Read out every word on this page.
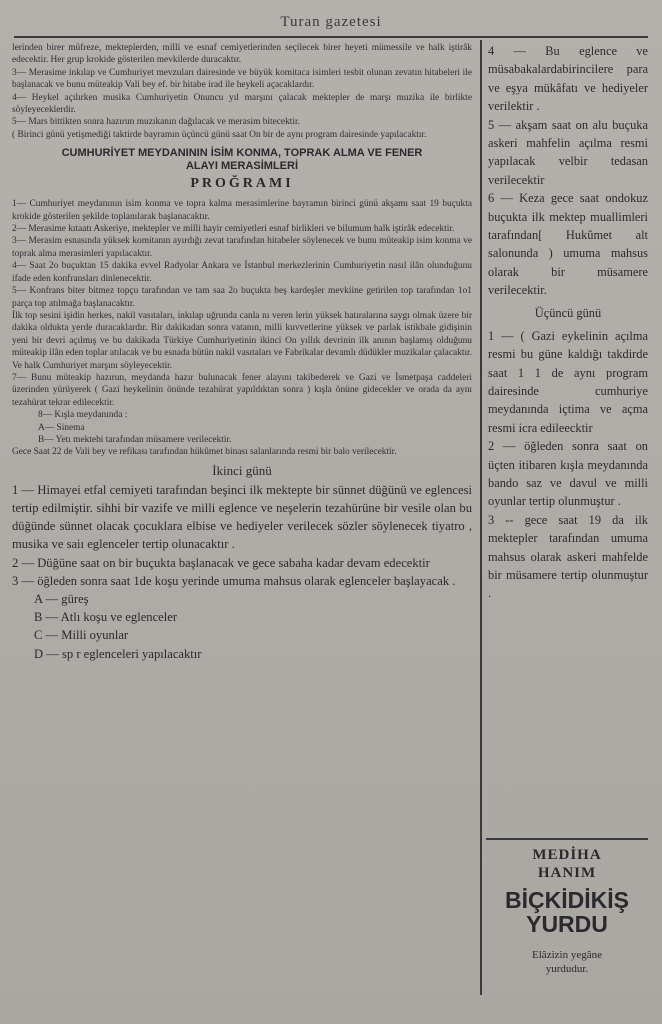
Turan gazetesi

lerinden birer müfreze, mekteplerden, milli ve esnaf cemiyetlerinden seçilecek birer heyeti mümessile ve halk iştirâk edecektir. Her grup krokide gösterilen mevkilerde duracaktır.

3— Merasime inkılap ve Cumhuriyet mevzuları dairesinde ve büyük komitaca isimleri tesbit olunan zevatın hitabeleri ile başlanacak ve bunu müteakip Vali bey ef. bir hitabe irad ile heykeli açacaklardır.

4— Heykel açılırken musika Cumhuriyetin Onuncu yıl marşını çalacak mektepler de marşı muzika ile birlikte söyleyeceklerdir.

5— Mars bittikten sonra hazırun muzıkanın dağılacak ve merasim bitecektir.

( Birinci günü yetişmediği taktirde bayramın üçüncü günü saat On bir de aynı program dairesinde yapılacaktır.

CUMHURİYET MEYDANININ İSİM KONMA, TOPRAK ALMA VE FENER
ALAYI MERASİMLERİ
PROĞRAMI

1— Cumhuriyet meydanının isim konma ve topra kalma merasimlerine bayramın birinci günü akşamı saat 19 buçukta krokide gösterilen şekilde toplanılarak başlanacaktır.

2— Merasime kıtaatı Askeriye, mektepler ve milli hayir cemiyetleri esnaf birlikleri ve bilumum halk iştirâk edecektir.

3— Merasim esnasında yüksek komitanın ayırdığı zevat tarafından hitabeler söylenecek ve bunu müteakip isim konma ve toprak alma merasimleri yapılacaktır.

4— Saat 2o buçuktan 15 dakika evvel Radyolar Ankara ve İstanbul merkezlerinin Cumhuriyetin nasıl ilân olunduğunu ifade eden konfransları dinlenecektir.

5— Konfrans biter bitmez topçu tarafından ve tam saa 2o buçukta beş kardeşler mevkiine getirilen top tarafından 1o1 parça top atılmağa başlanacaktır.

İlk top sesini işidin herkes, nakil vasıtaları, inkılap uğrunda canla nı veren lerin yüksek hatıralarına saygı olmak üzere bir dakika oldukta yerde duracaklardır. Bir dakikadan sonra vatanın, milli kuvvetlerine yüksek ve parlak istikbale gidişinin yeni bir devri açılmış ve bu dakikada Türkiye Cumhuriyetinin ikinci On yıllık devrinin ilk anının başlamış olduğunu müteakip ilân eden toplar atılacak ve bu esnada bütün nakil vasıtaları ve Fabrikalar devamlı düdükler muzikalar çalacaktır. Ve halk Cumhuriyet marşını söyleyecektir.

7— Bunu müteakip hazırun, meydanda hazır bulunacak fener alayını takibederek ve Gazi ve İsmetpaşa caddeleri üzerinden yürüyerek ( Gazi heykelinin önünde tezahürat yapıldıktan sonra ) kışla önüne gidecekler ve orada da aynı tezahürat tekrar edilecektir.

8— Kışla meydanında :

A— Sinema

B— Yetı mektebi tarafından müsamere verilecektir.

Gece Saat 22 de Vali bey ve refikası tarafından hükûmet binası salanlarında resmi bir balo verilecektir.

İkinci günü

1 — Himayei etfal cemiyeti tarafından beşinci ilk mektepte bir sünnet düğünü ve eglencesi tertip edilmiştir. sihhi bir vazife ve milli eglence ve neşelerin tezahürüne bir vesile olan bu düğünde sünnet olacak çocuklara elbise ve hediyeler verilecek sözler söylenecek tiyatro , musika ve saiı eglenceler tertip olunacaktır .

2 — Düğüne saat on bir buçukta başlanacak ve gece sabaha kadar devam edecektir

3 — öğleden sonra saat 1de koşu yerinde umuma mahsus olarak eglenceler başlayacak .

A — güreş

B — Atlı koşu ve eglenceler

C — Milli oyunlar

D — sp r eglenceleri yapılacaktır

4 — Bu eglence ve müsabakalardabirincilere para ve eşya mükâfatı ve hediyeler verilektir .

5 — akşam saat on alu buçuka askeri mahfelin açılma resmi yapılacak velbir tedasan verilecektir

6 — Keza gece saat ondokuz buçukta ilk mektep muallimleri tarafından[ Hukûmet alt salonunda ) umuma mahsus olarak bir müsamere verilecektir.

Üçüncü günü

1 — ( Gazi eykelinin açılma resmi bu güne kaldığı takdirde saat 1 1 de aynı program dairesinde cumhuriye meydanında içtima ve açma resmi icra edileecktir

2 — öğleden sonra saat on üçten itibaren kışla meydanında bando saz ve davul ve milli oyunlar tertip olunmuştur .

3 -- gece saat 19 da ilk mektepler tarafından umuma mahsus olarak askeri mahfelde bir müsamere tertip olunmuştur .

MEDİHA
HANIM
BİÇKİDİKİŞ
YURDU
Elâzizin yegâne
yurdudur.
